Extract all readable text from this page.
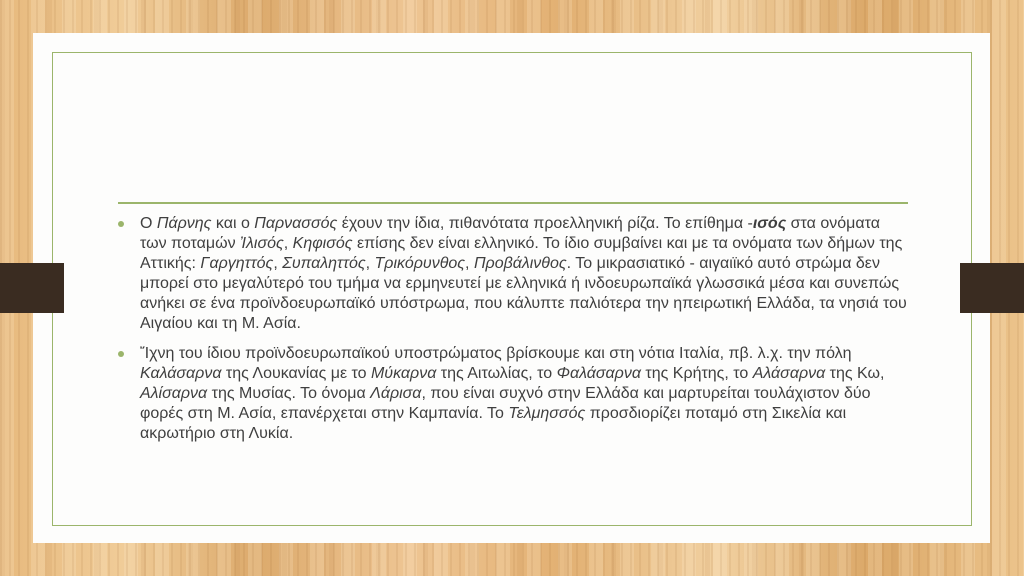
Ο Πάρνης και ο Παρνασσός έχουν την ίδια, πιθανότατα προελληνική ρίζα. Το επίθημα -ισός στα ονόματα των ποταμών Ἰλισός, Κηφισός επίσης δεν είναι ελληνικό. Το ίδιο συμβαίνει και με τα ονόματα των δήμων της Αττικής: Γαργηττός, Συπαληττός, Τρικόρυνθος, Προβάλινθος. Το μικρασιατικό - αιγαιϊκό αυτό στρώμα δεν μπορεί στο μεγαλύτερό του τμήμα να ερμηνευτεί με ελληνικά ή ινδοευρωπαϊκά γλωσσικά μέσα και συνεπώς ανήκει σε ένα προϊνδοευρωπαϊκό υπόστρωμα, που κάλυπτε παλιότερα την ηπειρωτική Ελλάδα, τα νησιά του Αιγαίου και τη Μ. Ασία.
Ἴχνη του ίδιου προϊνδοευρωπαϊκού υποστρώματος βρίσκουμε και στη νότια Ιταλία, πβ. λ.χ. την πόλη Καλάσαρνα της Λουκανίας με το Μύκαρνα της Αιτωλίας, το Φαλάσαρνα της Κρήτης, το Αλάσαρνα της Κω, Αλίσαρνα της Μυσίας. Το όνομα Λάρισα, που είναι συχνό στην Ελλάδα και μαρτυρείται τουλάχιστον δύο φορές στη Μ. Ασία, επανέρχεται στην Καμπανία. Το Τελμησσός προσδιορίζει ποταμό στη Σικελία και ακρωτήριο στη Λυκία.
